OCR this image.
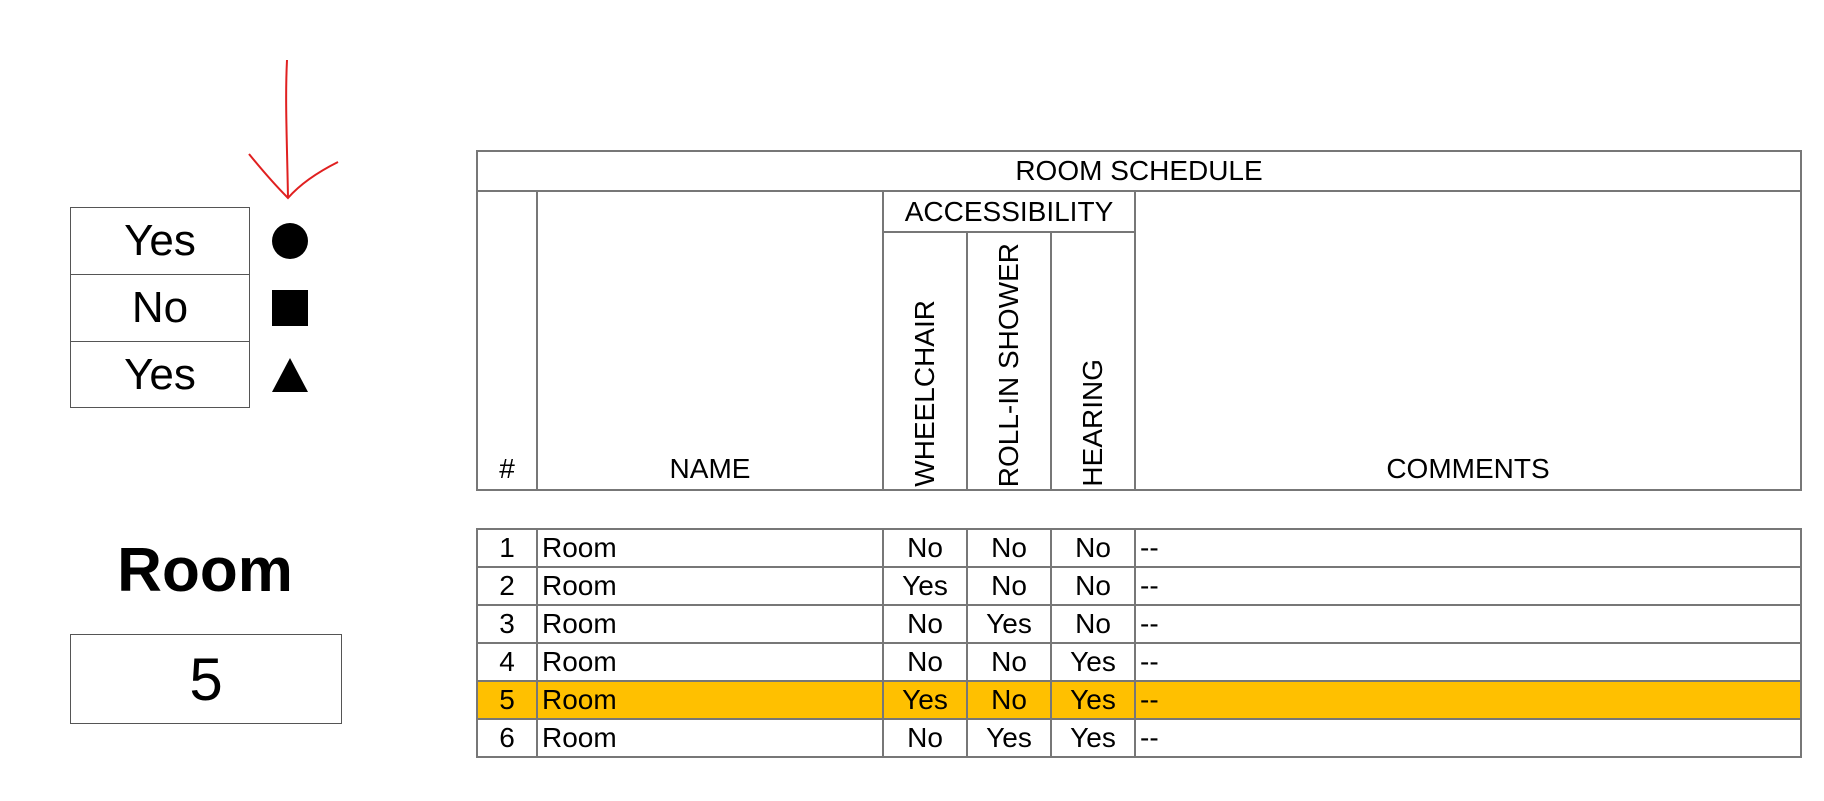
Yes
No
Yes
Room
5
ROOM SCHEDULE					
#	NAME	ACCESSIBILITY			COMMENTS

		WHEELCHAIR	ROLL-IN SHOWER	HEARING	
1	Room	No	No	No	--
2	Room	Yes	No	No	--
3	Room	No	Yes	No	--
4	Room	No	No	Yes	--
5	Room	Yes	No	Yes	--
6	Room	No	Yes	Yes	--
